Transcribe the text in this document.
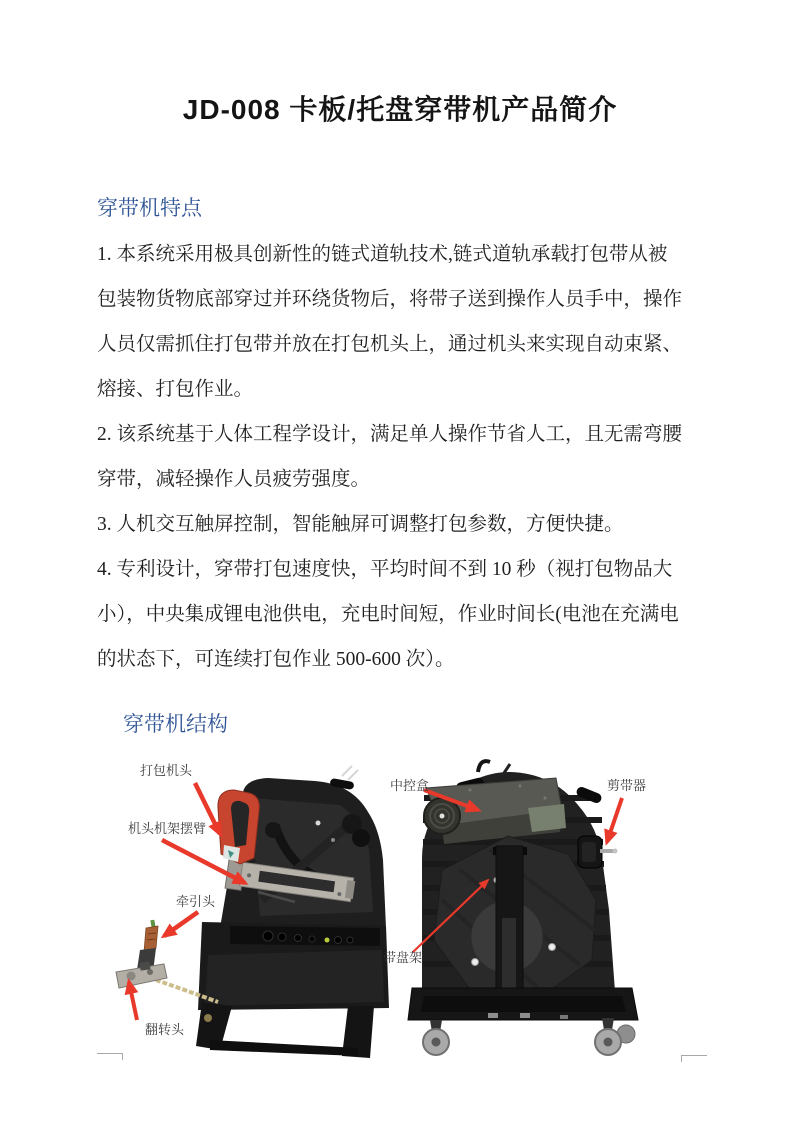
JD-008 卡板/托盘穿带机产品简介
穿带机特点
1. 本系统采用极具创新性的链式道轨技术,链式道轨承载打包带从被
包装物货物底部穿过并环绕货物后，将带子送到操作人员手中，操作
人员仅需抓住打包带并放在打包机头上，通过机头来实现自动束紧、
熔接、打包作业。
2. 该系统基于人体工程学设计，满足单人操作节省人工，且无需弯腰
穿带，减轻操作人员疲劳强度。
3. 人机交互触屏控制，智能触屏可调整打包参数，方便快捷。
4. 专利设计，穿带打包速度快，平均时间不到 10 秒（视打包物品大
小），中央集成锂电池供电，充电时间短，作业时间长(电池在充满电
的状态下，可连续打包作业 500-600 次）。
穿带机结构
打包机头
机头机架摆臂
牵引头
翻转头
中控盒	剪带器
带盘架
